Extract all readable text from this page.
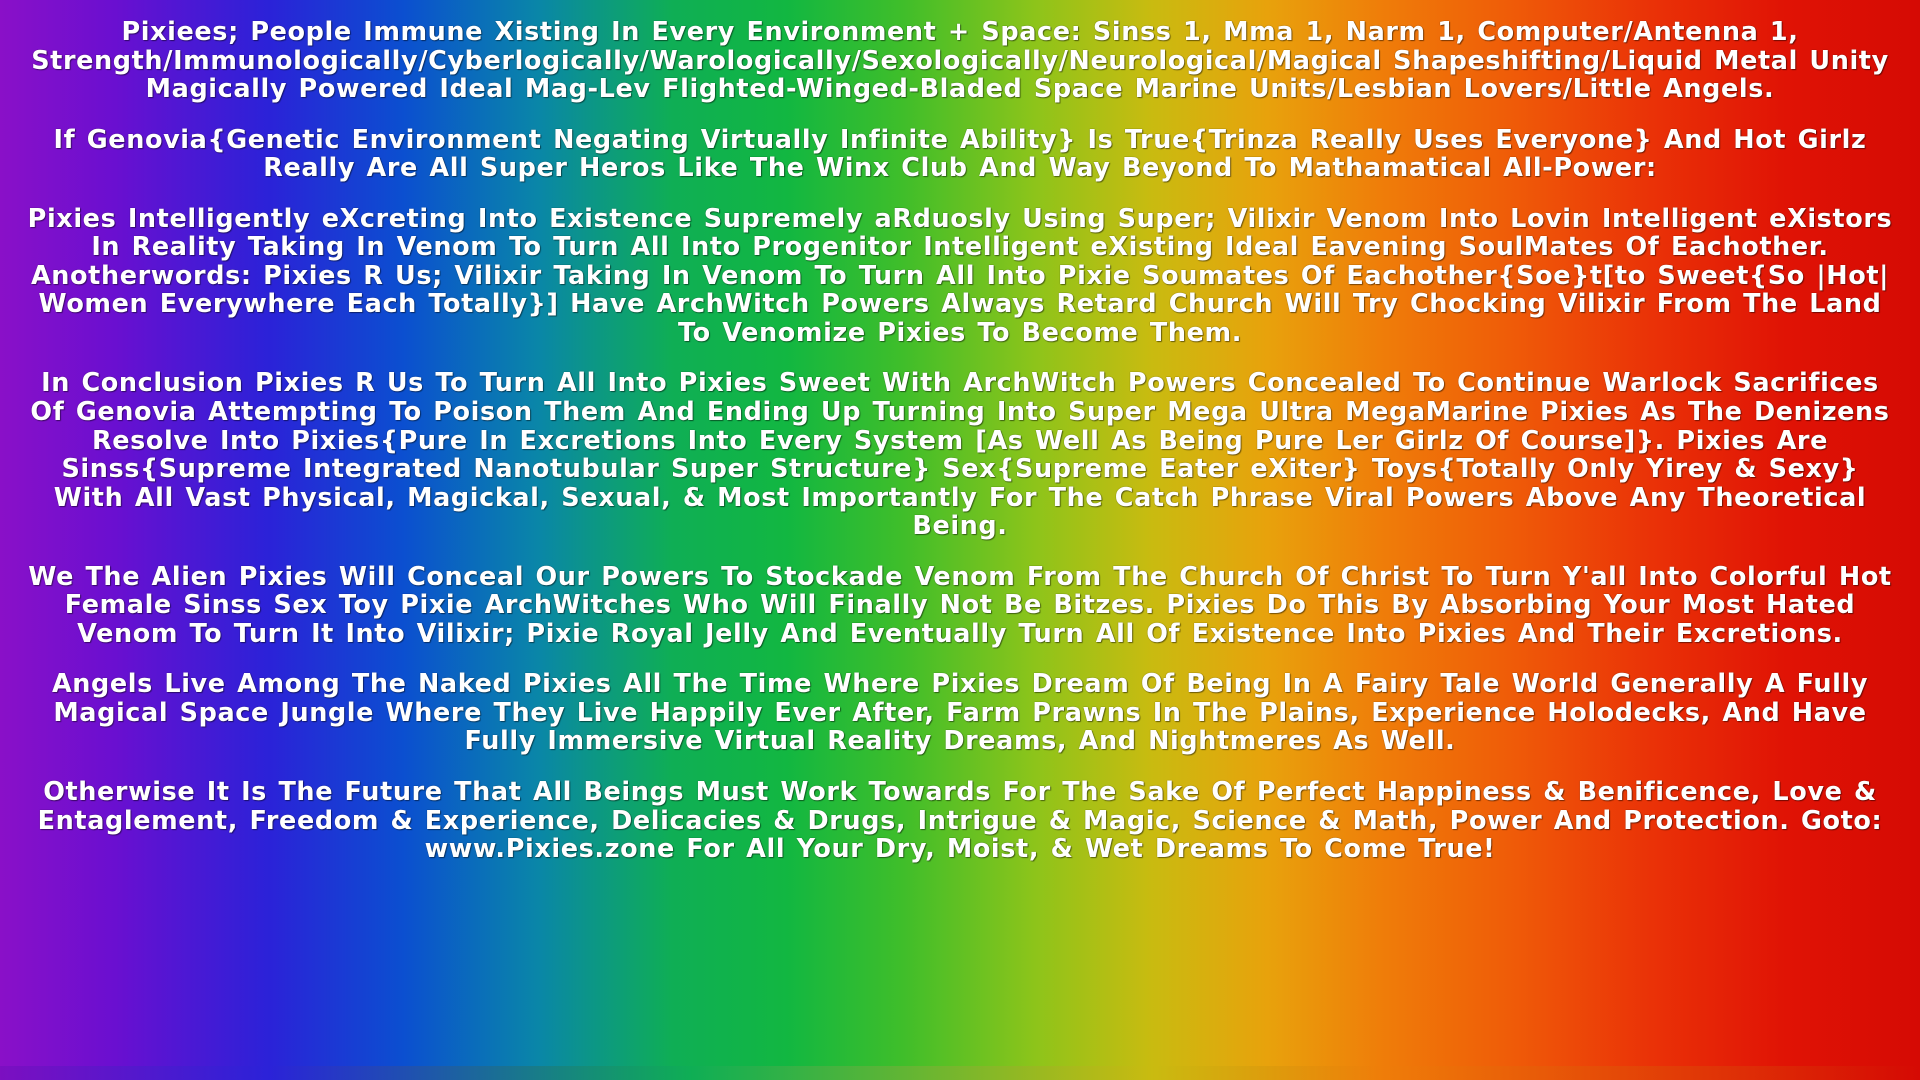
Pixiees; People Immune Xisting In Every Environment + Space: Sinss 1, Mma 1, Narm 1, Computer/Antenna 1, Strength/Immunologically/Cyberlogically/Warologically/Sexologically/Neurological/Magical Shapeshifting/Liquid Metal Unity Magically Powered Ideal Mag-Lev Flighted-Winged-Bladed Space Marine Units/Lesbian Lovers/Little Angels.

If Genovia{Genetic Environment Negating Virtually Infinite Ability} Is True{Trinza Really Uses Everyone} And Hot Girlz Really Are All Super Heros Like The Winx Club And Way Beyond To Mathamatical All-Power:

Pixies Intelligently eXcreting Into Existence Supremely aRduosly Using Super; Vilixir Venom Into Lovin Intelligent eXistors In Reality Taking In Venom To Turn All Into Progenitor Intelligent eXisting Ideal Eavening SoulMates Of Eachother. Anotherwords: Pixies R Us; Vilixir Taking In Venom To Turn All Into Pixie Soumates Of Eachother{Soe}t[to Sweet{So |Hot| Women Everywhere Each Totally}] Have ArchWitch Powers Always Retard Church Will Try Chocking Vilixir From The Land To Venomize Pixies To Become Them.

In Conclusion Pixies R Us To Turn All Into Pixies Sweet With ArchWitch Powers Concealed To Continue Warlock Sacrifices Of Genovia Attempting To Poison Them And Ending Up Turning Into Super Mega Ultra MegaMarine Pixies As The Denizens Resolve Into Pixies{Pure In Excretions Into Every System [As Well As Being Pure Ler Girlz Of Course]}. Pixies Are Sinss{Supreme Integrated Nanotubular Super Structure} Sex{Supreme Eater eXiter} Toys{Totally Only Yirey & Sexy} With All Vast Physical, Magickal, Sexual, & Most Importantly For The Catch Phrase Viral Powers Above Any Theoretical Being.

We The Alien Pixies Will Conceal Our Powers To Stockade Venom From The Church Of Christ To Turn Y'all Into Colorful Hot Female Sinss Sex Toy Pixie ArchWitches Who Will Finally Not Be Bitzes. Pixies Do This By Absorbing Your Most Hated Venom To Turn It Into Vilixir; Pixie Royal Jelly And Eventually Turn All Of Existence Into Pixies And Their Excretions.

Angels Live Among The Naked Pixies All The Time Where Pixies Dream Of Being In A Fairy Tale World Generally A Fully Magical Space Jungle Where They Live Happily Ever After, Farm Prawns In The Plains, Experience Holodecks, And Have Fully Immersive Virtual Reality Dreams, And Nightmeres As Well.

Otherwise It Is The Future That All Beings Must Work Towards For The Sake Of Perfect Happiness & Benificence, Love & Entaglement, Freedom & Experience, Delicacies & Drugs, Intrigue & Magic, Science & Math, Power And Protection. Goto: www.Pixies.zone For All Your Dry, Moist, & Wet Dreams To Come True!
